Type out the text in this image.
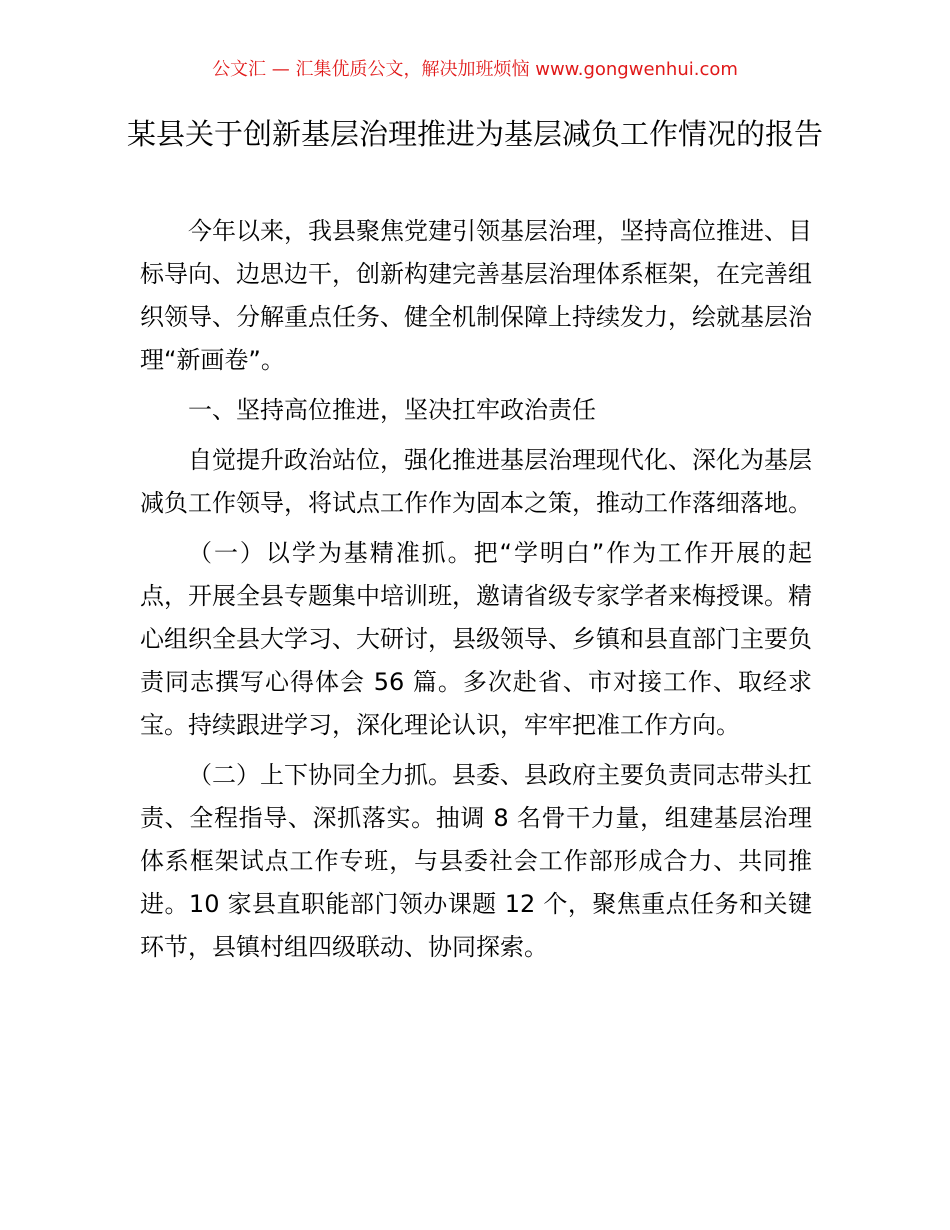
公文汇 — 汇集优质公文，解决加班烦恼 www.gongwenhui.com
某县关于创新基层治理推进为基层减负工作情况的报告

今年以来，我县聚焦党建引领基层治理，坚持高位推进、目标导向、边思边干，创新构建完善基层治理体系框架，在完善组织领导、分解重点任务、健全机制保障上持续发力，绘就基层治理“新画卷”。

一、坚持高位推进，坚决扛牢政治责任

自觉提升政治站位，强化推进基层治理现代化、深化为基层减负工作领导，将试点工作作为固本之策，推动工作落细落地。

（一）以学为基精准抓。把“学明白”作为工作开展的起点，开展全县专题集中培训班，邀请省级专家学者来梅授课。精心组织全县大学习、大研讨，县级领导、乡镇和县直部门主要负责同志撰写心得体会 56 篇。多次赴省、市对接工作、取经求宝。持续跟进学习，深化理论认识，牢牢把准工作方向。

（二）上下协同全力抓。县委、县政府主要负责同志带头扛责、全程指导、深抓落实。抽调 8 名骨干力量，组建基层治理体系框架试点工作专班，与县委社会工作部形成合力、共同推进。10 家县直职能部门领办课题 12 个，聚焦重点任务和关键环节，县镇村组四级联动、协同探索。
